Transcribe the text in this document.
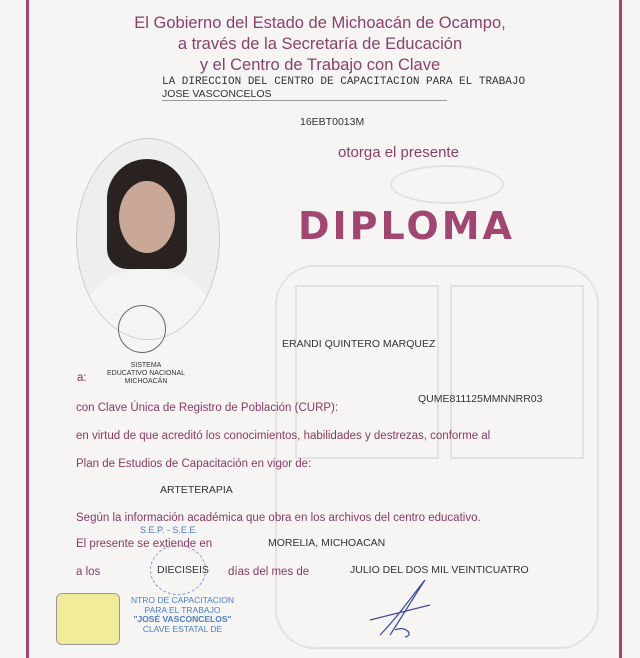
El Gobierno del Estado de Michoacán de Ocampo,
a través de la Secretaría de Educación
y el Centro de Trabajo con Clave
LA DIRECCION DEL CENTRO DE CAPACITACION PARA EL TRABAJO
JOSE VASCONCELOS
16EBT0013M
otorga el presente
DIPLOMA
SISTEMA
EDUCATIVO NACIONAL
MICHOACÁN
ERANDI QUINTERO MARQUEZ
a:
con Clave Única de Registro de Población (CURP):
QUME811125MMNNRR03
en virtud de que acreditó los conocimientos, habilidades y destrezas, conforme al
Plan de Estudios de Capacitación en vigor de:
ARTETERAPIA
Según la información académica que obra en los archivos del centro educativo.
S.E.P. - S.E.E.
El presente se extiende en	MORELIA, MICHOACAN
a los	DIECISEIS días del mes de	JULIO DEL DOS MIL VEINTICUATRO
NTRO DE CAPACITACION
PARA EL TRABAJO
"JOSÉ VASCONCELOS"
CLAVE ESTATAL DE
